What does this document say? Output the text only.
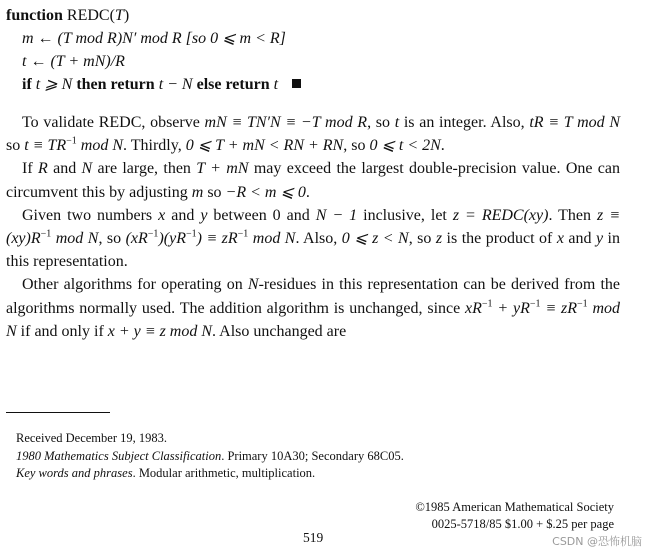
function REDC(T)
m ← (T mod R)N′ mod R [so 0 ⩽ m < R]
t ← (T + mN)/R
if t ⩾ N then return t − N else return t

To validate REDC, observe mN ≡ TN′N ≡ −T mod R, so t is an integer. Also, tR ≡ T mod N so $t \equiv TR^{-1}$ mod N. Thirdly, 0 ⩽ T + mN < RN + RN, so 0 ⩽ t < 2N.

If R and N are large, then T + mN may exceed the largest double-precision value. One can circumvent this by adjusting m so −R < m ⩽ 0.

Given two numbers x and y between 0 and N − 1 inclusive, let z = REDC(xy). Then $z \equiv (xy)R^{-1}$ mod N, so $(xR^{-1})(yR^{-1}) \equiv zR^{-1}$ mod N. Also, 0 ⩽ z < N, so z is the product of x and y in this representation.

Other algorithms for operating on N-residues in this representation can be derived from the algorithms normally used. The addition algorithm is unchanged, since $xR^{-1} + yR^{-1} \equiv zR^{-1}$ mod N if and only if x + y ≡ z mod N. Also unchanged are

Received December 19, 1983.
1980 Mathematics Subject Classification. Primary 10A30; Secondary 68C05.
Key words and phrases. Modular arithmetic, multiplication.
©1985 American Mathematical Society
0025-5718/85 $1.00 + $.25 per page
519	CSDN @恐怖机脑
